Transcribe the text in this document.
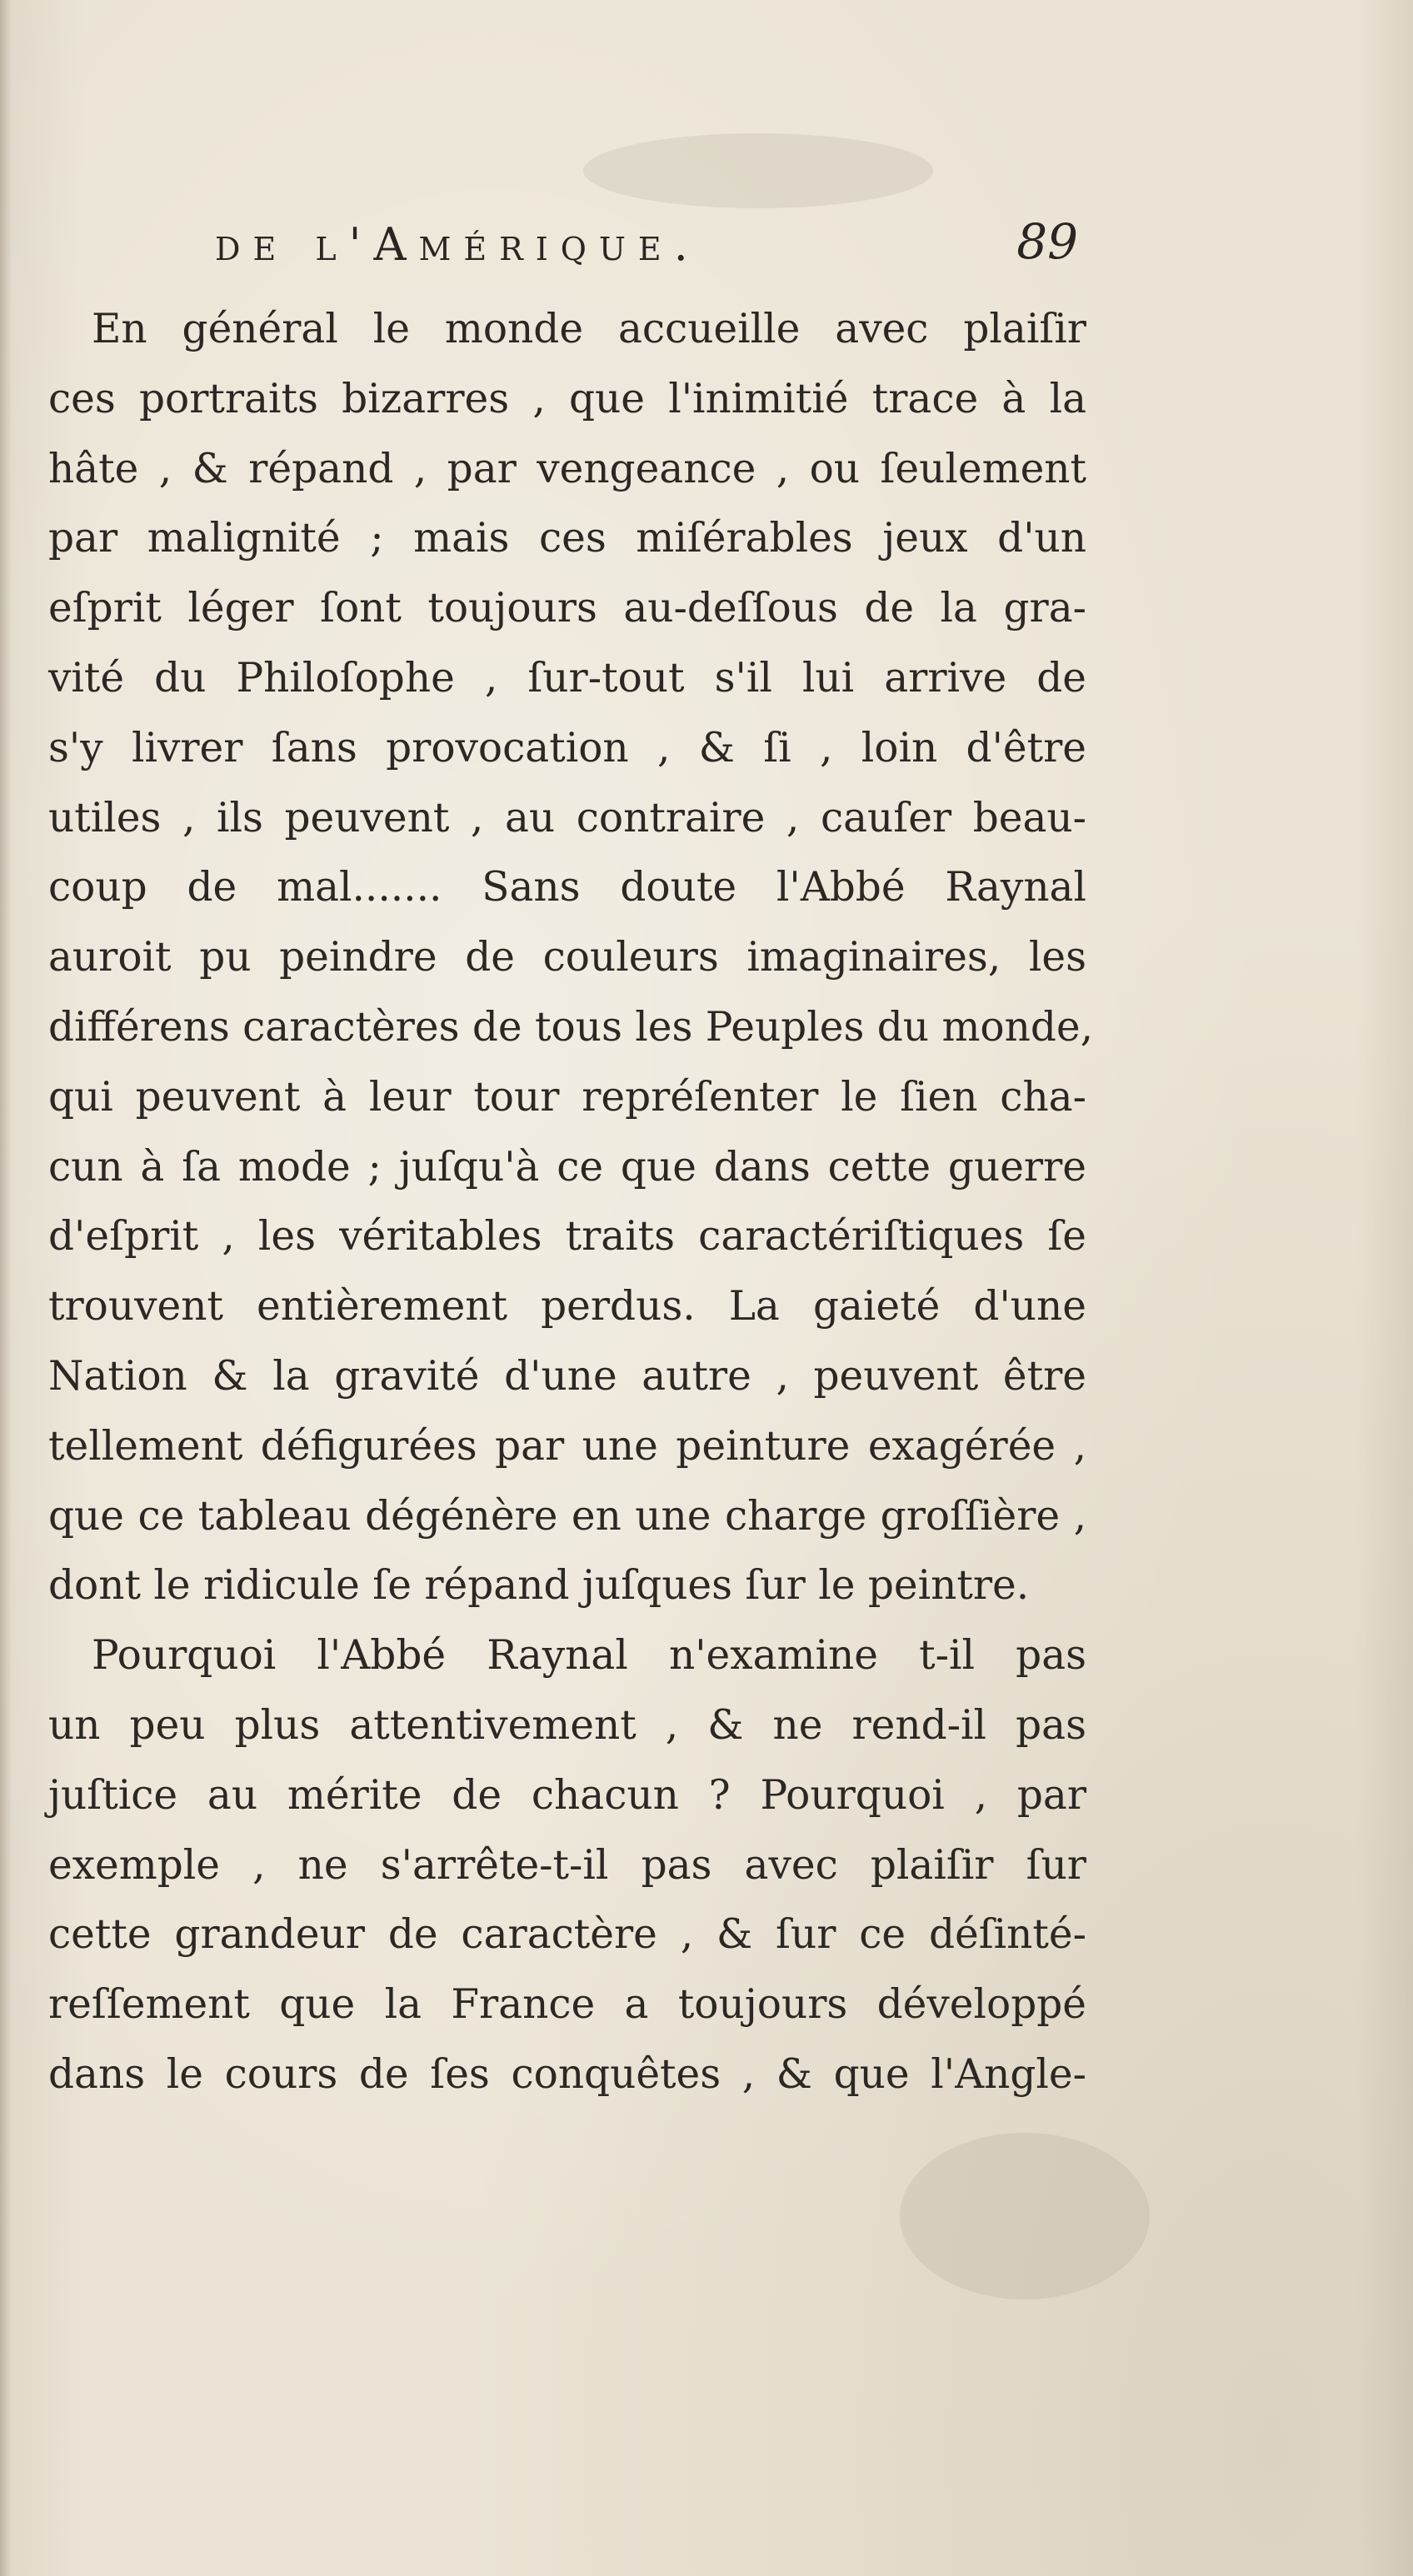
de l'Amérique.	89
En général le monde accueille avec plaiſir
ces portraits bizarres , que l'inimitié trace à la
hâte , & répand , par vengeance , ou ſeulement
par malignité ; mais ces miſérables jeux d'un
eſprit léger ſont toujours au-deſſous de la gra-
vité du Philoſophe , ſur-tout s'il lui arrive de
s'y livrer ſans provocation , & ſi , loin d'être
utiles , ils peuvent , au contraire , cauſer beau-
coup de mal....... Sans doute l'Abbé Raynal
auroit pu peindre de couleurs imaginaires, les
différens caractères de tous les Peuples du monde,
qui peuvent à leur tour repréſenter le ſien cha-
cun à ſa mode ; juſqu'à ce que dans cette guerre
d'eſprit , les véritables traits caractériſtiques ſe
trouvent entièrement perdus. La gaieté d'une
Nation & la gravité d'une autre , peuvent être
tellement défigurées par une peinture exagérée ,
que ce tableau dégénère en une charge groſſière ,
dont le ridicule ſe répand juſques ſur le peintre.
Pourquoi l'Abbé Raynal n'examine t-il pas
un peu plus attentivement , & ne rend-il pas
juſtice au mérite de chacun ? Pourquoi , par
exemple , ne s'arrête-t-il pas avec plaiſir ſur
cette grandeur de caractère , & ſur ce déſinté-
reſſement que la France a toujours développé
dans le cours de ſes conquêtes , & que l'Angle-
